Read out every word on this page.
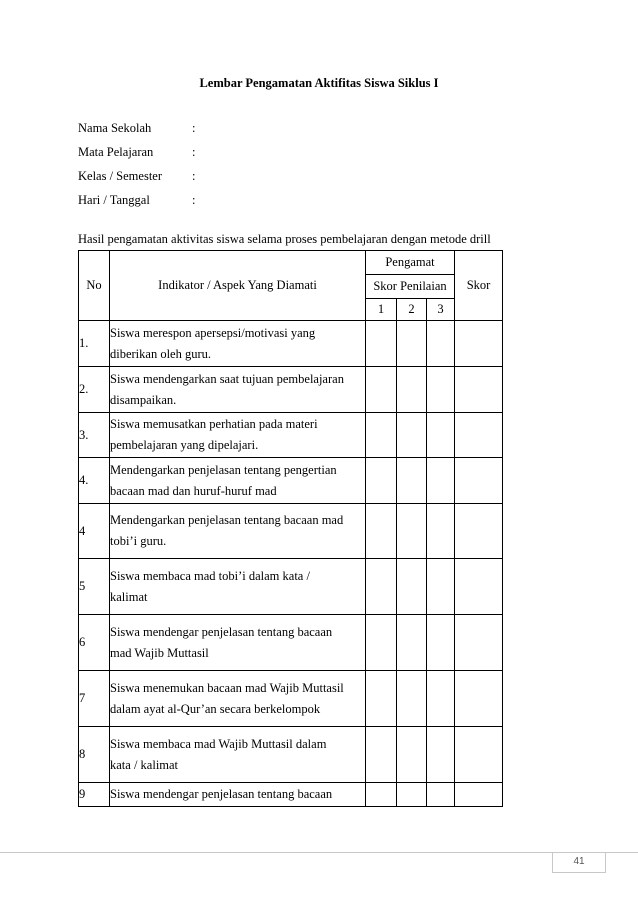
Lembar Pengamatan Aktifitas Siswa Siklus I
Nama Sekolah	:
Mata Pelajaran	:
Kelas / Semester :
Hari / Tanggal	:
Hasil pengamatan aktivitas siswa selama proses pembelajaran dengan metode drill
No	Indikator / Aspek Yang Diamati	Pengamat			Skor
		Skor Penilaian			
		1	2	3	
1.	Siswa merespon apersepsi/motivasi yang
diberikan oleh guru.				
2.	Siswa mendengarkan saat tujuan pembelajaran
disampaikan.				
3.	Siswa memusatkan perhatian pada materi
pembelajaran yang dipelajari.				
4.	Mendengarkan penjelasan tentang pengertian
bacaan mad dan huruf-huruf mad				
4	Mendengarkan penjelasan tentang bacaan mad
tobi’i guru.				
5	Siswa membaca mad tobi’i dalam kata /
kalimat				
6	Siswa mendengar penjelasan tentang bacaan
mad Wajib Muttasil				
7	Siswa menemukan bacaan mad Wajib Muttasil
dalam ayat al-Qur’an secara berkelompok				
8	Siswa membaca mad Wajib Muttasil dalam
kata / kalimat				
9	Siswa mendengar penjelasan tentang bacaan				
41
